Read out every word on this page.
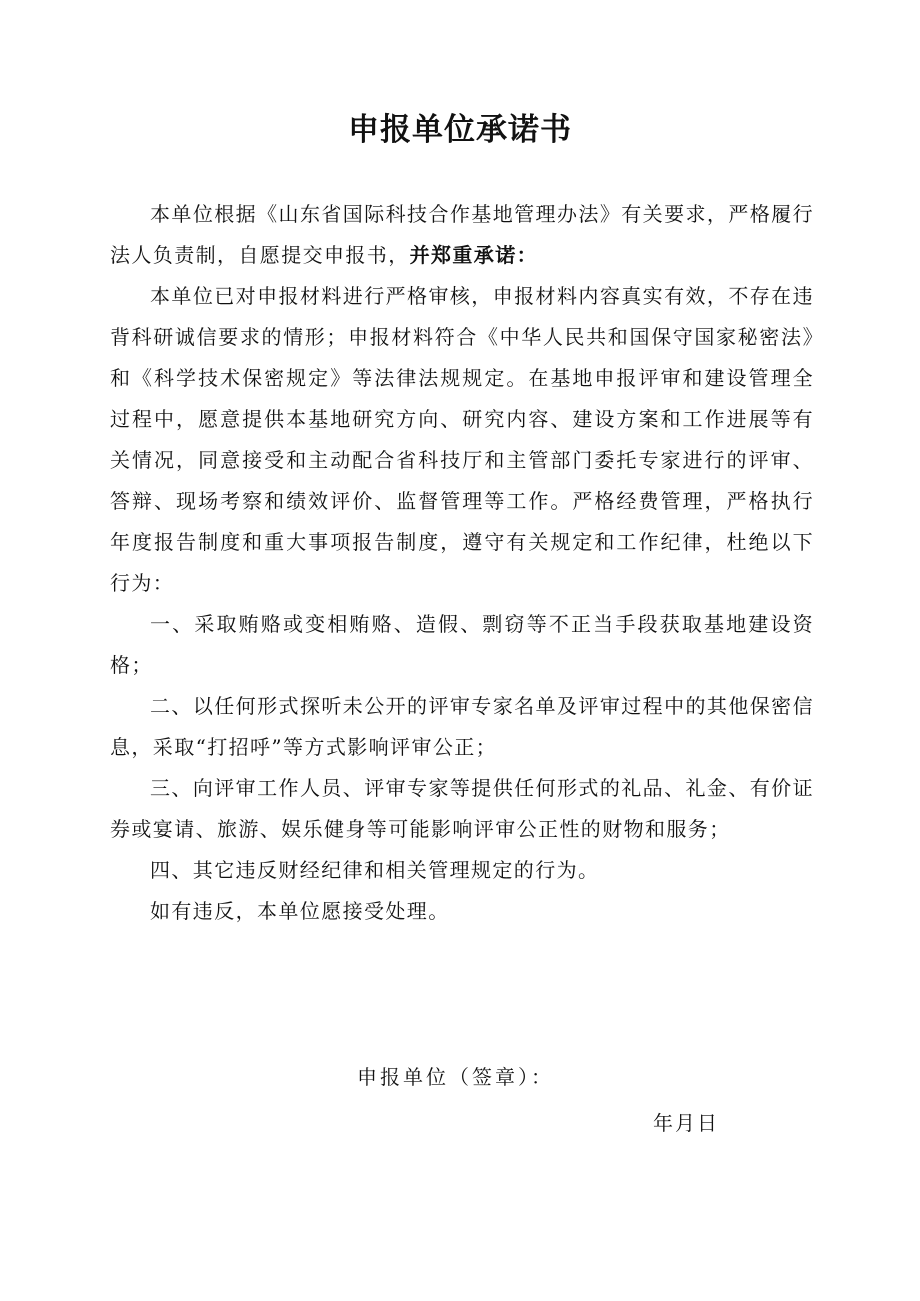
申报单位承诺书

本单位根据《山东省国际科技合作基地管理办法》有关要求，严格履行法人负责制，自愿提交申报书，并郑重承诺：

本单位已对申报材料进行严格审核，申报材料内容真实有效，不存在违背科研诚信要求的情形；申报材料符合《中华人民共和国保守国家秘密法》和《科学技术保密规定》等法律法规规定。在基地申报评审和建设管理全过程中，愿意提供本基地研究方向、研究内容、建设方案和工作进展等有关情况，同意接受和主动配合省科技厅和主管部门委托专家进行的评审、答辩、现场考察和绩效评价、监督管理等工作。严格经费管理，严格执行年度报告制度和重大事项报告制度，遵守有关规定和工作纪律，杜绝以下行为：

一、采取贿赂或变相贿赂、造假、剽窃等不正当手段获取基地建设资格；

二、以任何形式探听未公开的评审专家名单及评审过程中的其他保密信息，采取“打招呼”等方式影响评审公正；

三、向评审工作人员、评审专家等提供任何形式的礼品、礼金、有价证券或宴请、旅游、娱乐健身等可能影响评审公正性的财物和服务；

四、其它违反财经纪律和相关管理规定的行为。

如有违反，本单位愿接受处理。

申报单位（签章）：
年月日
